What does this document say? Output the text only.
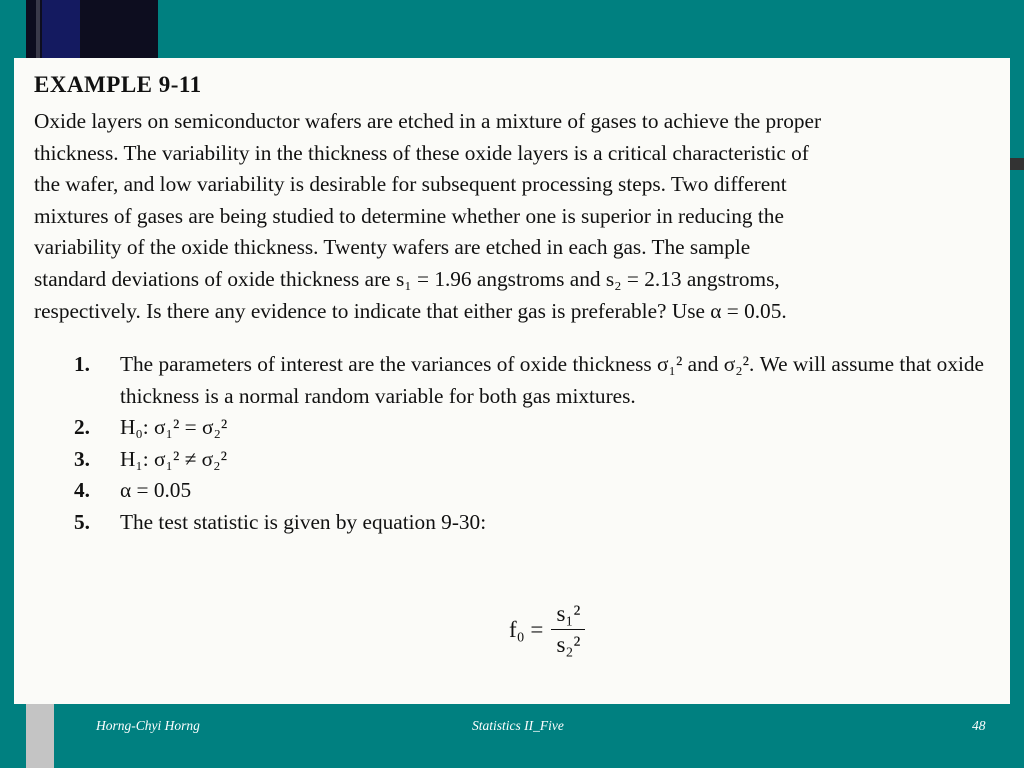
EXAMPLE 9-11
Oxide layers on semiconductor wafers are etched in a mixture of gases to achieve the proper
thickness. The variability in the thickness of these oxide layers is a critical characteristic of
the wafer, and low variability is desirable for subsequent processing steps. Two different
mixtures of gases are being studied to determine whether one is superior in reducing the
variability of the oxide thickness. Twenty wafers are etched in each gas. The sample
standard deviations of oxide thickness are s₁ = 1.96 angstroms and s₂ = 2.13 angstroms,
respectively. Is there any evidence to indicate that either gas is preferable? Use α = 0.05.
1.	The parameters of interest are the variances of oxide thickness σ₁² and σ₂². We will assume that oxide thickness is a normal random variable for both gas mixtures.
2.	H₀: σ₁² = σ₂²
3.	H₁: σ₁² ≠ σ₂²
4.	α = 0.05
5.	The test statistic is given by equation 9-30:
$f_0 = \frac{\text{s₁²}}{\text{s₂²}}$
Horng-Chyi Horng	Statistics II_Five	48
